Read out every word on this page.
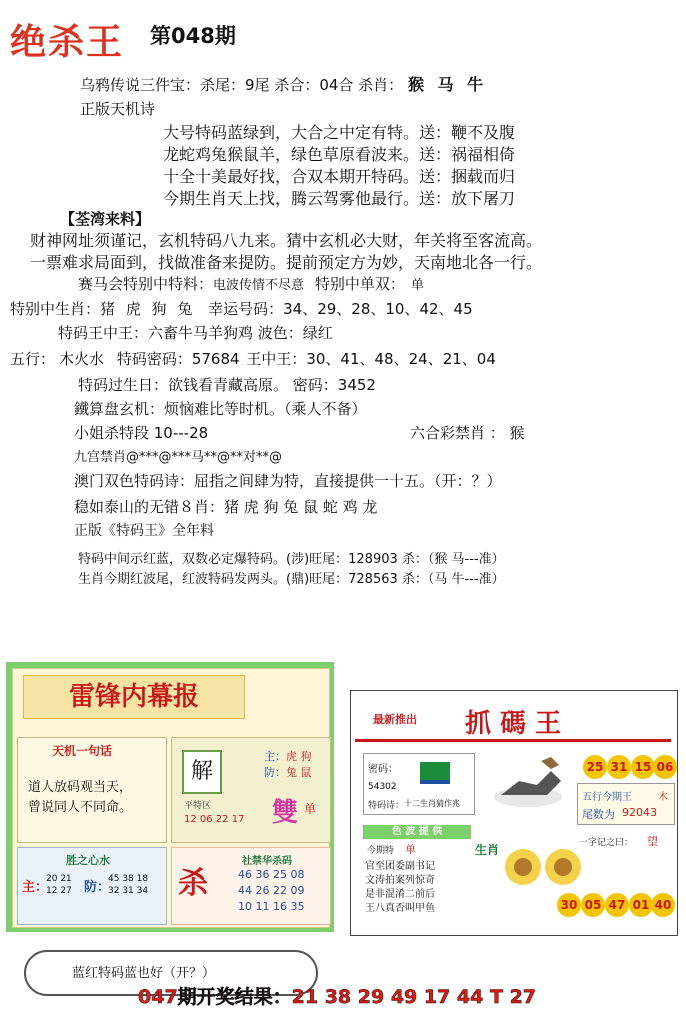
绝杀王 第048期
乌鸦传说三件宝：杀尾：9尾 杀合：04合 杀肖： 猴 马 牛
正版天机诗
大号特码蓝绿到，大合之中定有特。送：鞭不及腹
龙蛇鸡兔猴鼠羊，绿色草原看波来。送：祸福相倚
十全十美最好找，合双本期开特码。送：捆载而归
今期生肖天上找，腾云驾雾他最行。送：放下屠刀
【荃湾来料】
财神网址须谨记，玄机特码八九来。猜中玄机必大财，年关将至客流高。
一票难求局面到，找做准备来提防。提前预定方为妙，天南地北各一行。
赛马会特别中特料：电波传情不尽意 特别中单双： 单
特别中生肖：猪 虎 狗 兔 幸运号码：34、29、28、10、42、45
特码王中王：六畜牛马羊狗鸡 波色：绿红
五行： 木火水 特码密码：57684 王中王：30、41、48、24、21、04
特码过生日：欲钱看青藏高原。 密码：3452
鐵算盘玄机：烦恼难比等时机。（乘人不备）
小姐杀特段 10---28	六合彩禁肖 ： 猴
九宫禁肖@***@***马**@**对**@
澳门双色特码诗：屈指之间肆为特，直接提供一十五。（开：？）
稳如泰山的无错８肖：猪 虎 狗 兔 鼠 蛇 鸡 龙
正版《特码王》全年料
特码中间示红蓝，双数必定爆特码。(涉)旺尾：128903 杀：（猴 马---准）
生肖今期红波尾，红波特码发两头。(鼎)旺尾：728563 杀：（马 牛---准）
雷锋内幕报
天机一句话
道人放码观当天，
曾说同人不同命。
解
主：虎 狗
防：兔 鼠
平特区
12 06 22 17 雙 单
胜之心水
主：
20 21
12 27 防：
45 38 18
32 31 34 杀
社禁华杀码
46 36 25 08
44 26 22 09
10 11 16 35
最新推出 抓 碼 王
25 31 15 06
密码：
54302
特码诗： 十二生肖猜作兆
五行今期王	木
尾数为 92043
一字记之曰： 望
色 波 提 供
今期特 单
官至团委副书记
文涛拍案列惊奇
是非混淆二前后
王八真否叫甲鱼
生肖
30 05 47 01 40
蓝红特码蓝也好（开？）
047期开奖结果：21 38 29 49 17 44 T 27
